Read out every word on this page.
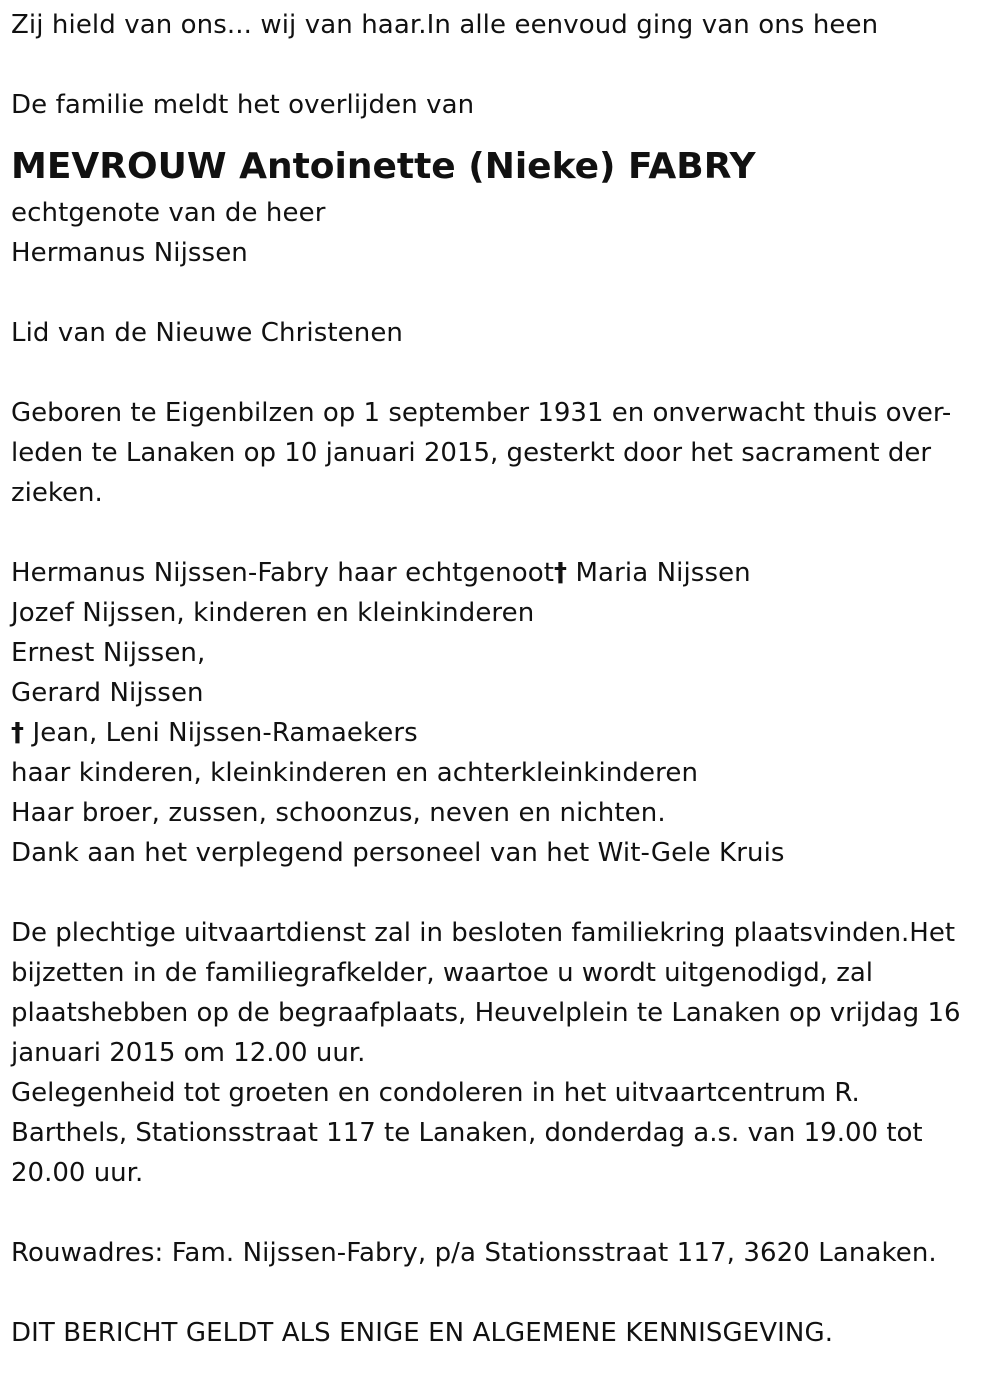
Zij hield van ons... wij van haar.In alle eenvoud ging van ons heen
De familie meldt het overlijden van
MEVROUW Antoinette (Nieke) FABRY
echtgenote van de heer
Hermanus Nijssen
Lid van de Nieuwe Christenen
Geboren te Eigenbilzen op 1 september 1931 en onverwacht thuis over-leden te Lanaken op 10 januari 2015, gesterkt door het sacrament der zieken.
Hermanus Nijssen-Fabry haar echtgenoot† Maria Nijssen
Jozef Nijssen, kinderen en kleinkinderen
Ernest Nijssen,
Gerard Nijssen
† Jean, Leni Nijssen-Ramaekers
haar kinderen, kleinkinderen en achterkleinkinderen
Haar broer, zussen, schoonzus, neven en nichten.
Dank aan het verplegend personeel van het Wit-Gele Kruis
De plechtige uitvaartdienst zal in besloten familiekring plaatsvinden.Het bijzetten in de familiegrafkelder, waartoe u wordt uitgenodigd, zal plaatshebben op de begraafplaats, Heuvelplein te Lanaken op vrijdag 16 januari 2015 om 12.00 uur.
Gelegenheid tot groeten en condoleren in het uitvaartcentrum R. Barthels, Stationsstraat 117 te Lanaken, donderdag a.s. van 19.00 tot 20.00 uur.
Rouwadres: Fam. Nijssen-Fabry, p/a Stationsstraat 117, 3620 Lanaken.
DIT BERICHT GELDT ALS ENIGE EN ALGEMENE KENNISGEVING.
